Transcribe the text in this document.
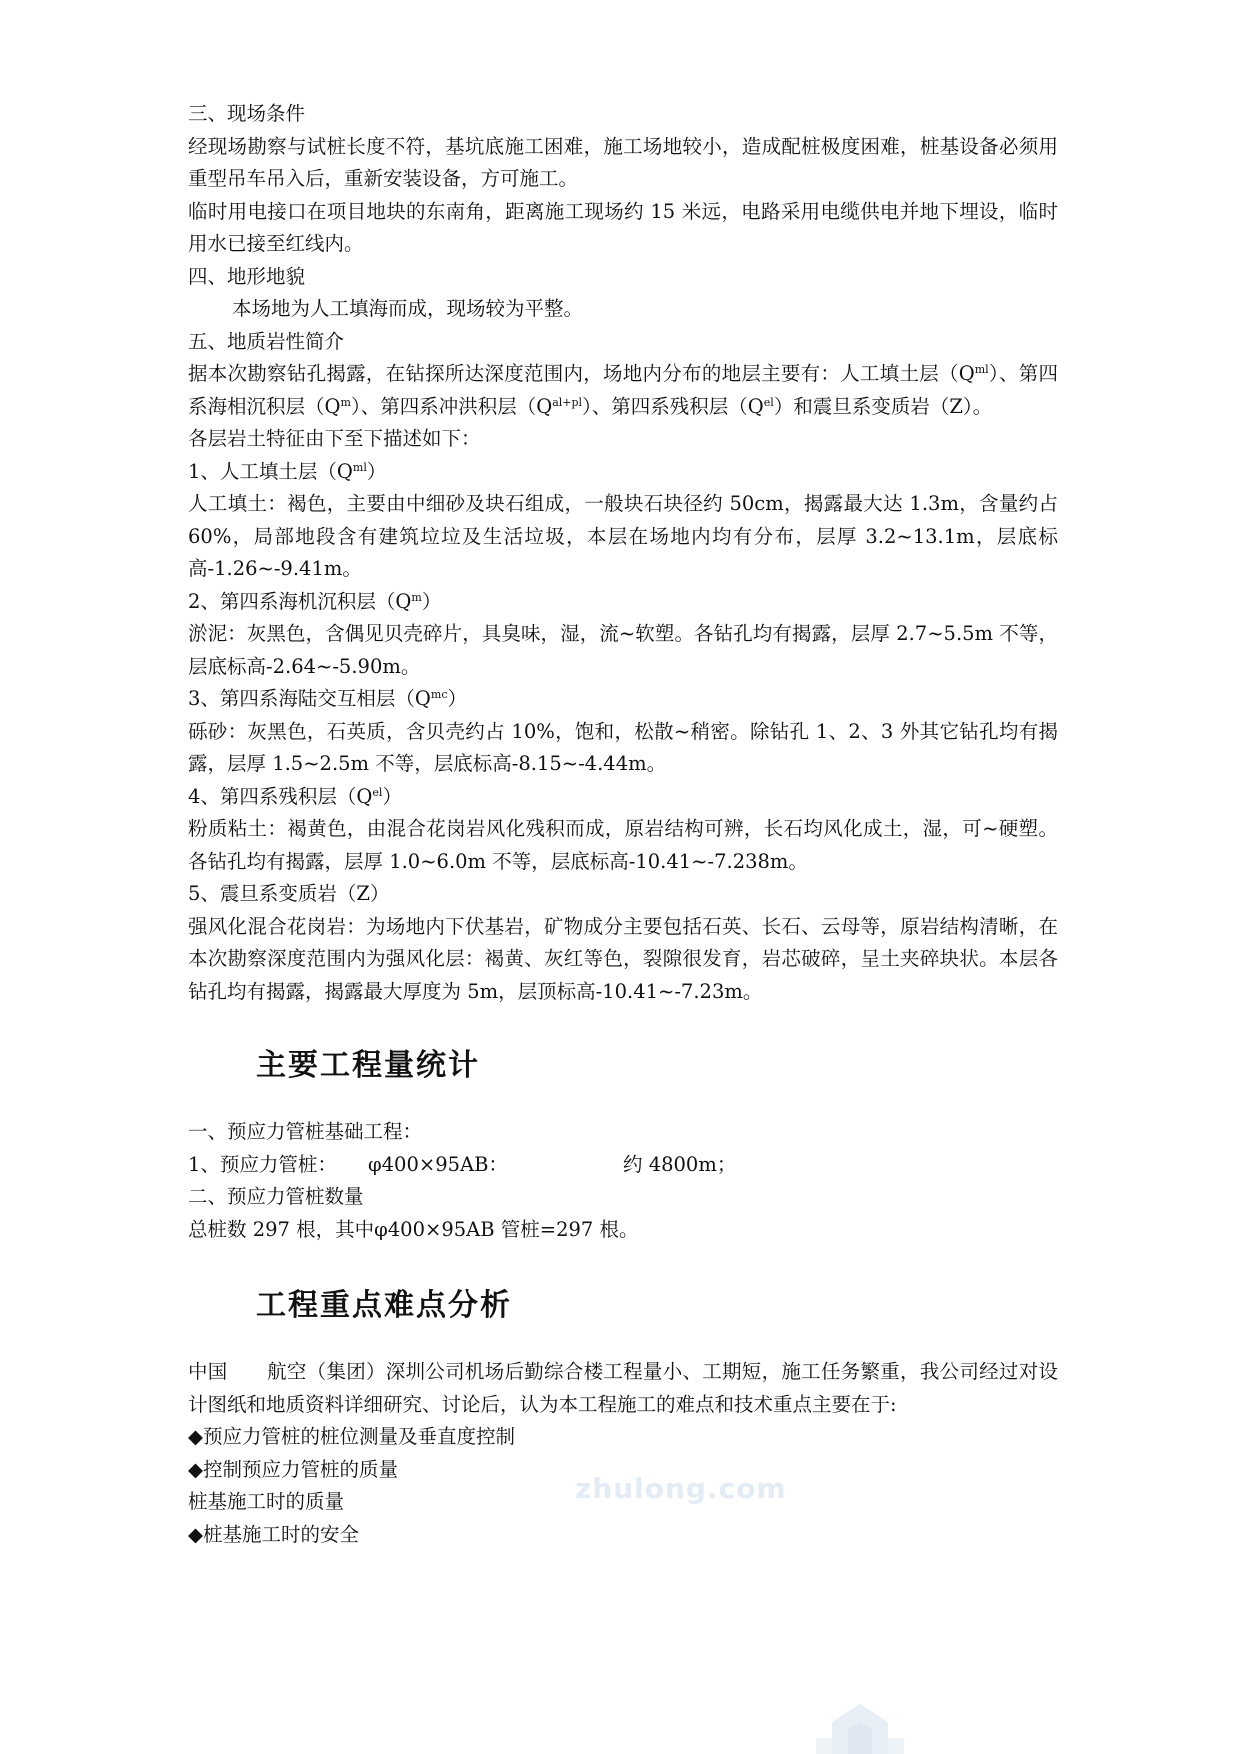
三、现场条件

经现场勘察与试桩长度不符，基坑底施工困难，施工场地较小，造成配桩极度困难，桩基设备必须用重型吊车吊入后，重新安装设备，方可施工。

临时用电接口在项目地块的东南角，距离施工现场约 15 米远，电路采用电缆供电并地下埋设，临时用水已接至红线内。

四、地形地貌

本场地为人工填海而成，现场较为平整。

五、地质岩性简介

据本次勘察钻孔揭露，在钻探所达深度范围内，场地内分布的地层主要有：人工填土层$(Q^{ml})$、第四系海相沉积层$(Q^m)$、第四系冲洪积层$(Q^{al+pl})$、第四系残积层$(Q^{el})$和震旦系变质岩（Z）。

各层岩土特征由下至下描述如下：

1、人工填土层$(Q^{ml})$

人工填土：褐色，主要由中细砂及块石组成，一般块石块径约 50cm，揭露最大达 1.3m，含量约占 60%，局部地段含有建筑垃垃及生活垃圾，本层在场地内均有分布，层厚 3.2~13.1m，层底标高-1.26~-9.41m。

2、第四系海机沉积层$(Q^m)$

淤泥：灰黑色，含偶见贝壳碎片，具臭味，湿，流~软塑。各钻孔均有揭露，层厚 2.7~5.5m 不等，层底标高-2.64~-5.90m。

3、第四系海陆交互相层$(Q^{mc})$

砾砂：灰黑色，石英质，含贝壳约占 10%，饱和，松散~稍密。除钻孔 1、2、3 外其它钻孔均有揭露，层厚 1.5~2.5m 不等，层底标高-8.15~-4.44m。

4、第四系残积层$(Q^{el})$

粉质粘土：褐黄色，由混合花岗岩风化残积而成，原岩结构可辨，长石均风化成土，湿，可~硬塑。各钻孔均有揭露，层厚 1.0~6.0m 不等，层底标高-10.41~-7.238m。

5、震旦系变质岩（Z）

强风化混合花岗岩：为场地内下伏基岩，矿物成分主要包括石英、长石、云母等，原岩结构清晰，在本次勘察深度范围内为强风化层：褐黄、灰红等色，裂隙很发育，岩芯破碎，呈土夹碎块状。本层各钻孔均有揭露，揭露最大厚度为 5m，层顶标高-10.41~-7.23m。

主要工程量统计

一、预应力管桩基础工程：

1、预应力管桩： φ400×95AB：	约 4800m；

二、预应力管桩数量

总桩数 297 根，其中φ400×95AB 管桩=297 根。

工程重点难点分析

中国　　航空（集团）深圳公司机场后勤综合楼工程量小、工期短，施工任务繁重，我公司经过对设计图纸和地质资料详细研究、讨论后，认为本工程施工的难点和技术重点主要在于:

◆预应力管桩的桩位测量及垂直度控制

◆控制预应力管桩的质量

桩基施工时的质量

◆桩基施工时的安全

zhulong.com
